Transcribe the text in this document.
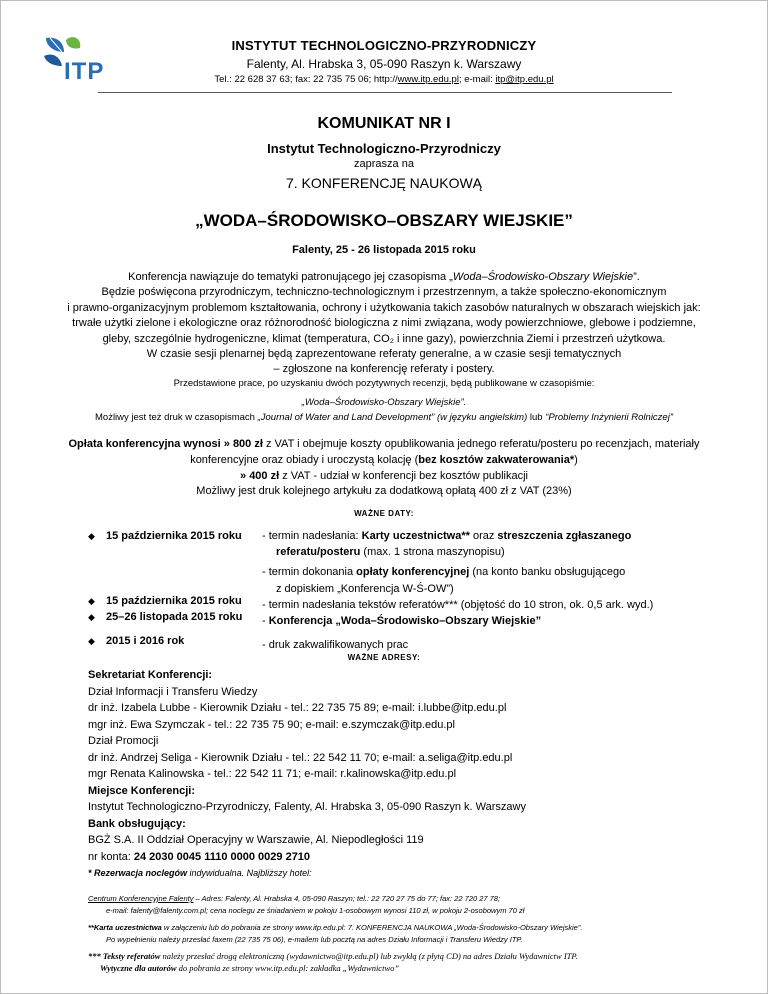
ITP
INSTYTUT TECHNOLOGICZNO-PRZYRODNICZY
Falenty, Al. Hrabska 3, 05-090 Raszyn k. Warszawy
Tel.: 22 628 37 63; fax: 22 735 75 06; http://www.itp.edu.pl; e-mail: itp@itp.edu.pl
KOMUNIKAT NR I
Instytut Technologiczno-Przyrodniczy
zaprasza na
7. KONFERENCJĘ NAUKOWĄ
„WODA–ŚRODOWISKO–OBSZARY WIEJSKIE”
Falenty, 25 - 26 listopada 2015 roku
Konferencja nawiązuje do tematyki patronującego jej czasopisma „Woda–Środowisko-Obszary Wiejskie”.
Będzie poświęcona przyrodniczym, techniczno-technologicznym i przestrzennym, a także społeczno-ekonomicznym
i prawno-organizacyjnym problemom kształtowania, ochrony i użytkowania takich zasobów naturalnych w obszarach wiejskich jak:
trwałe użytki zielone i ekologiczne oraz różnorodność biologiczna z nimi związana, wody powierzchniowe, glebowe i podziemne,
gleby, szczególnie hydrogeniczne, klimat (temperatura, CO₂ i inne gazy), powierzchnia Ziemi i przestrzeń użytkowa.
W czasie sesji plenarnej będą zaprezentowane referaty generalne, a w czasie sesji tematycznych
– zgłoszone na konferencję referaty i postery.
Przedstawione prace, po uzyskaniu dwóch pozytywnych recenzji, będą publikowane w czasopiśmie:
„Woda–Środowisko-Obszary Wiejskie”.
Możliwy jest też druk w czasopismach „Journal of Water and Land Development” (w języku angielskim) lub “Problemy Inżynierii Rolniczej”
Opłata konferencyjna wynosi » 800 zł z VAT i obejmuje koszty opublikowania jednego referatu/posteru po recenzjach, materiały
konferencyjne oraz obiady i uroczystą kolację (bez kosztów zakwaterowania*)
» 400 zł z VAT - udział w konferencji bez kosztów publikacji
Możliwy jest druk kolejnego artykułu za dodatkową opłatą 400 zł z VAT (23%)
WAŻNE DATY:
◆ 15 października 2015 roku - termin nadesłania: Karty uczestnictwa** oraz streszczenia zgłaszanego
referatu/posteru (max. 1 strona maszynopisu)
- termin dokonania opłaty konferencyjnej (na konto banku obsługującego
z dopiskiem „Konferencja W-Ś-OW”)
- termin nadesłania tekstów referatów*** (objętość do 10 stron, ok. 0,5 ark. wyd.)
- Konferencja „Woda–Środowisko–Obszary Wiejskie”
- druk zakwalifikowanych prac
◆ 15 października 2015 roku
◆ 25–26 listopada 2015 roku
◆ 2015 i 2016 rok
WAŻNE ADRESY:
Sekretariat Konferencji:
Dział Informacji i Transferu Wiedzy
dr inż. Izabela Lubbe - Kierownik Działu - tel.: 22 735 75 89; e-mail: i.lubbe@itp.edu.pl
mgr inż. Ewa Szymczak - tel.: 22 735 75 90; e-mail: e.szymczak@itp.edu.pl
Dział Promocji
dr inż. Andrzej Seliga - Kierownik Działu - tel.: 22 542 11 70; e-mail: a.seliga@itp.edu.pl
mgr Renata Kalinowska - tel.: 22 542 11 71; e-mail: r.kalinowska@itp.edu.pl
Miejsce Konferencji:
Instytut Technologiczno-Przyrodniczy, Falenty, Al. Hrabska 3, 05-090 Raszyn k. Warszawy
Bank obsługujący:
BGŻ S.A. II Oddział Operacyjny w Warszawie, Al. Niepodległości 119
nr konta: 24 2030 0045 1110 0000 0029 2710
* Rezerwacja noclegów indywidualna. Najbliższy hotel:
Centrum Konferencyjne Falenty – Adres: Falenty, Al. Hrabska 4, 05-090 Raszyn; tel.: 22 720 27 75 do 77; fax: 22 720 27 78;
e-mail: falenty@falenty.com.pl; cena noclegu ze śniadaniem w pokoju 1-osobowym wynosi 110 zł, w pokoju 2-osobowym 70 zł
**Karta uczestnictwa w załączeniu lub do pobrania ze strony www.itp.edu.pl: 7. KONFERENCJA NAUKOWA „Woda-Środowisko-Obszary Wiejskie”.
Po wypełnieniu należy przesłać faxem (22 735 75 06), e-mailem lub pocztą na adres Działu Informacji i Transferu Wiedzy ITP.
*** Teksty referatów należy przesłać drogą elektroniczną (wydawnictwo@itp.edu.pl) lub zwykłą (z płytą CD) na adres Działu Wydawnictw ITP.
Wytyczne dla autorów do pobrania ze strony www.itp.edu.pl: zakładka „Wydawnictwo”
